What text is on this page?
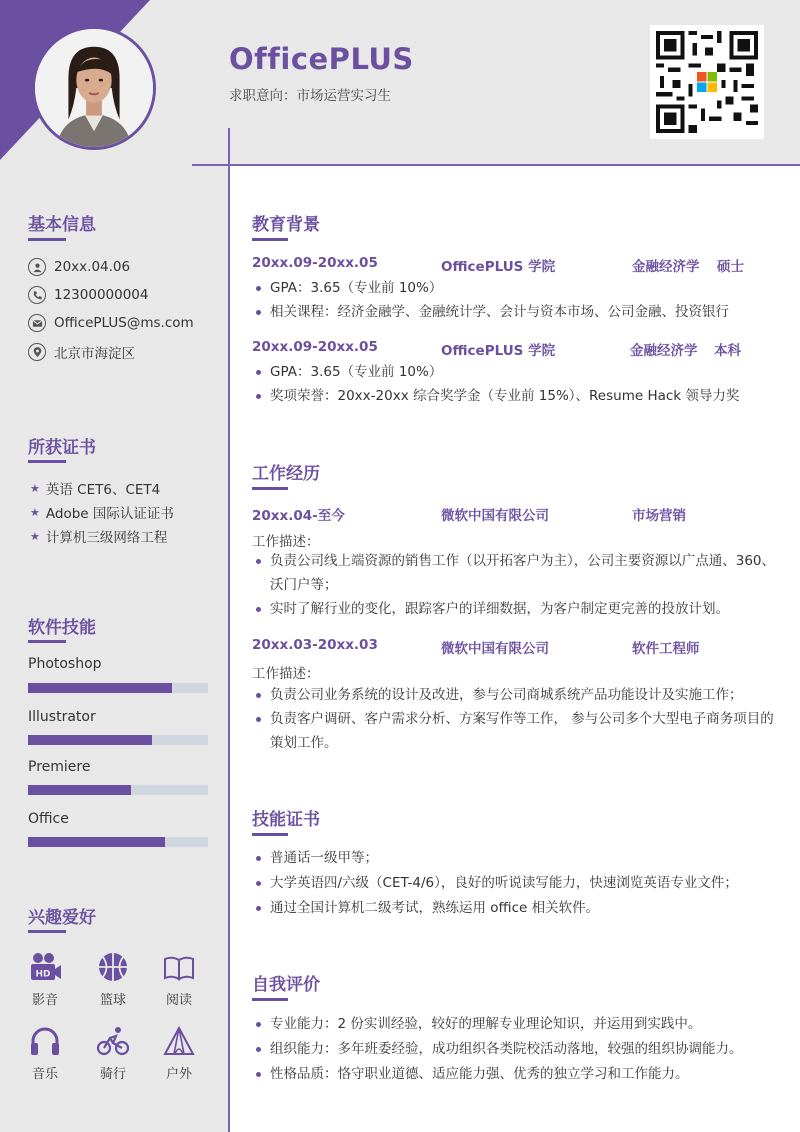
OfficePLUS
求职意向：市场运营实习生
基本信息
20xx.04.06
12300000004
OfficePLUS@ms.com
北京市海淀区
所获证书
★ 英语 CET6、CET4
★ Adobe 国际认证证书
★ 计算机三级网络工程
软件技能
Photoshop
Illustrator
Premiere
Office
兴趣爱好
HD
影音	篮球	阅读
音乐	骑行	户外
教育背景
20xx.09-20xx.05	OfficePLUS 学院	金融经济学 硕士
GPA：3.65（专业前 10%）
相关课程：经济金融学、金融统计学、会计与资本市场、公司金融、投资银行
20xx.09-20xx.05	OfficePLUS 学院	金融经济学 本科
GPA：3.65（专业前 10%）
奖项荣誉：20xx-20xx 综合奖学金（专业前 15%）、Resume Hack 领导力奖
工作经历
20xx.04-至今	微软中国有限公司	市场营销
工作描述：
负责公司线上端资源的销售工作（以开拓客户为主），公司主要资源以广点通、360、沃门户等；
实时了解行业的变化，跟踪客户的详细数据，为客户制定更完善的投放计划。
20xx.03-20xx.03	微软中国有限公司	软件工程师
工作描述：
负责公司业务系统的设计及改进，参与公司商城系统产品功能设计及实施工作；
负责客户调研、客户需求分析、方案写作等工作， 参与公司多个大型电子商务项目的策划工作。
技能证书
普通话一级甲等；
大学英语四/六级（CET-4/6），良好的听说读写能力，快速浏览英语专业文件；
通过全国计算机二级考试，熟练运用 office 相关软件。
自我评价
专业能力：2 份实训经验，较好的理解专业理论知识，并运用到实践中。
组织能力：多年班委经验，成功组织各类院校活动落地，较强的组织协调能力。
性格品质：恪守职业道德、适应能力强、优秀的独立学习和工作能力。
